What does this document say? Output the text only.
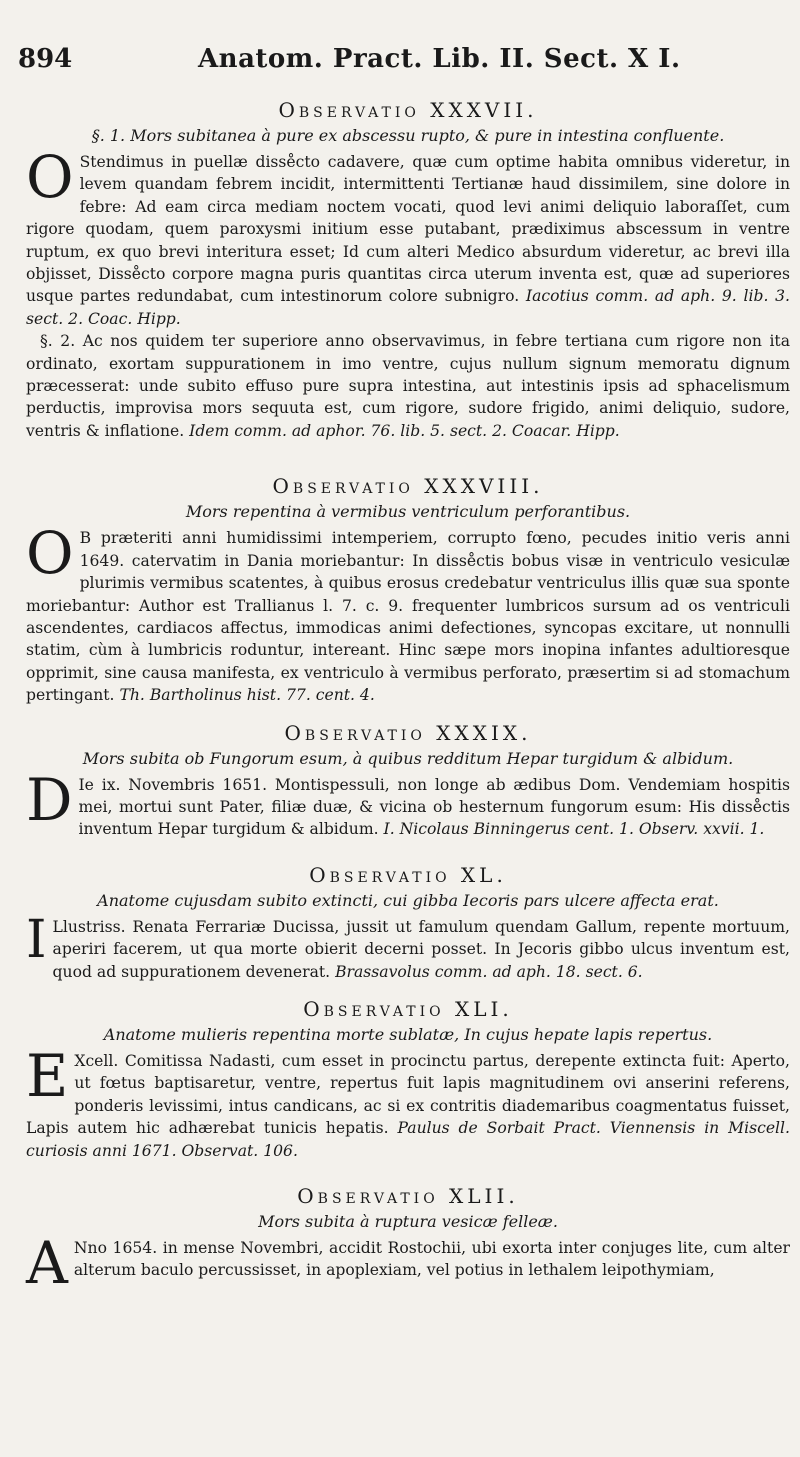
894	Anatom. Pract. Lib. II. Sect. X I.
Observatio XXXVII.
§. 1. Mors subitanea à pure ex abscessu rupto, & pure in intestina confluente.

O Stendimus in puellæ disse̊cto cadavere, quæ cum optime habita omnibus videretur, in levem quandam febrem incidit, intermittenti Tertianæ haud dissimilem, sine dolore in febre: Ad eam circa mediam noctem vocati, quod levi animi deliquio laboraſſet, cum rigore quodam, quem paroxysmi initium esse putabant, prædiximus abscessum in ventre ruptum, ex quo brevi interitura esset; Id cum alteri Medico absurdum videretur, ac brevi illa objisset, Disse̊cto corpore magna puris quantitas circa uterum inventa est, quæ ad superiores usque partes redundabat, cum intestinorum colore subnigro. Iacotius comm. ad aph. 9. lib. 3. sect. 2. Coac. Hipp.

§. 2. Ac nos quidem ter superiore anno observavimus, in febre tertiana cum rigore non ita ordinato, exortam suppurationem in imo ventre, cujus nullum signum memoratu dignum præcesserat: unde subito effuso pure supra intestina, aut intestinis ipsis ad sphacelismum perductis, improvisa mors sequuta est, cum rigore, sudore frigido, animi deliquio, sudore, ventris & inflatione. Idem comm. ad aphor. 76. lib. 5. sect. 2. Coacar. Hipp.

Observatio XXXVIII.
Mors repentina à vermibus ventriculum perforantibus.

O B præteriti anni humidissimi intemperiem, corrupto fœno, pecudes initio veris anni 1649. catervatim in Dania moriebantur: In disse̊ctis bobus visæ in ventriculo vesiculæ plurimis vermibus scatentes, à quibus erosus credebatur ventriculus illis quæ sua sponte moriebantur: Author est Trallianus l. 7. c. 9. frequenter lumbricos sursum ad os ventriculi ascendentes, cardiacos affectus, immodicas animi defectiones, syncopas excitare, ut nonnulli statim, cùm à lumbricis roduntur, intereant. Hinc sæpe mors inopina infantes adultioresque opprimit, sine causa manifesta, ex ventriculo à vermibus perforato, præsertim si ad stomachum pertingant. Th. Bartholinus hist. 77. cent. 4.

Observatio XXXIX.
Mors subita ob Fungorum esum, à quibus redditum Hepar turgidum & albidum.

D Ie ix. Novembris 1651. Montispessuli, non longe ab ædibus Dom. Vendemiam hospitis mei, mortui sunt Pater, filiæ duæ, & vicina ob hesternum fungorum esum: His disse̊ctis inventum Hepar turgidum & albidum. I. Nicolaus Binningerus cent. 1. Observ. xxvii. 1.

Observatio XL.
Anatome cujusdam subito extincti, cui gibba Iecoris pars ulcere affecta erat.

I Llustriss. Renata Ferrariæ Ducissa, jussit ut famulum quendam Gallum, repente mortuum, aperiri facerem, ut qua morte obierit decerni posset. In Jecoris gibbo ulcus inventum est, quod ad suppurationem devenerat. Brassavolus comm. ad aph. 18. sect. 6.

Observatio XLI.
Anatome mulieris repentina morte sublatæ, In cujus hepate lapis repertus.

E Xcell. Comitissa Nadasti, cum esset in procinctu partus, derepente extincta fuit: Aperto, ut fœtus baptisaretur, ventre, repertus fuit lapis magnitudinem ovi anserini referens, ponderis levissimi, intus candicans, ac si ex contritis diademaribus coagmentatus fuisset, Lapis autem hic adhærebat tunicis hepatis. Paulus de Sorbait Pract. Viennensis in Miscell. curiosis anni 1671. Observat. 106.

Observatio XLII.
Mors subita à ruptura vesicæ felleæ.

A Nno 1654. in mense Novembri, accidit Rostochii, ubi exorta inter conjuges lite, cum alter alterum baculo percussisset, in apoplexiam, vel potius in lethalem leipothymiam,
